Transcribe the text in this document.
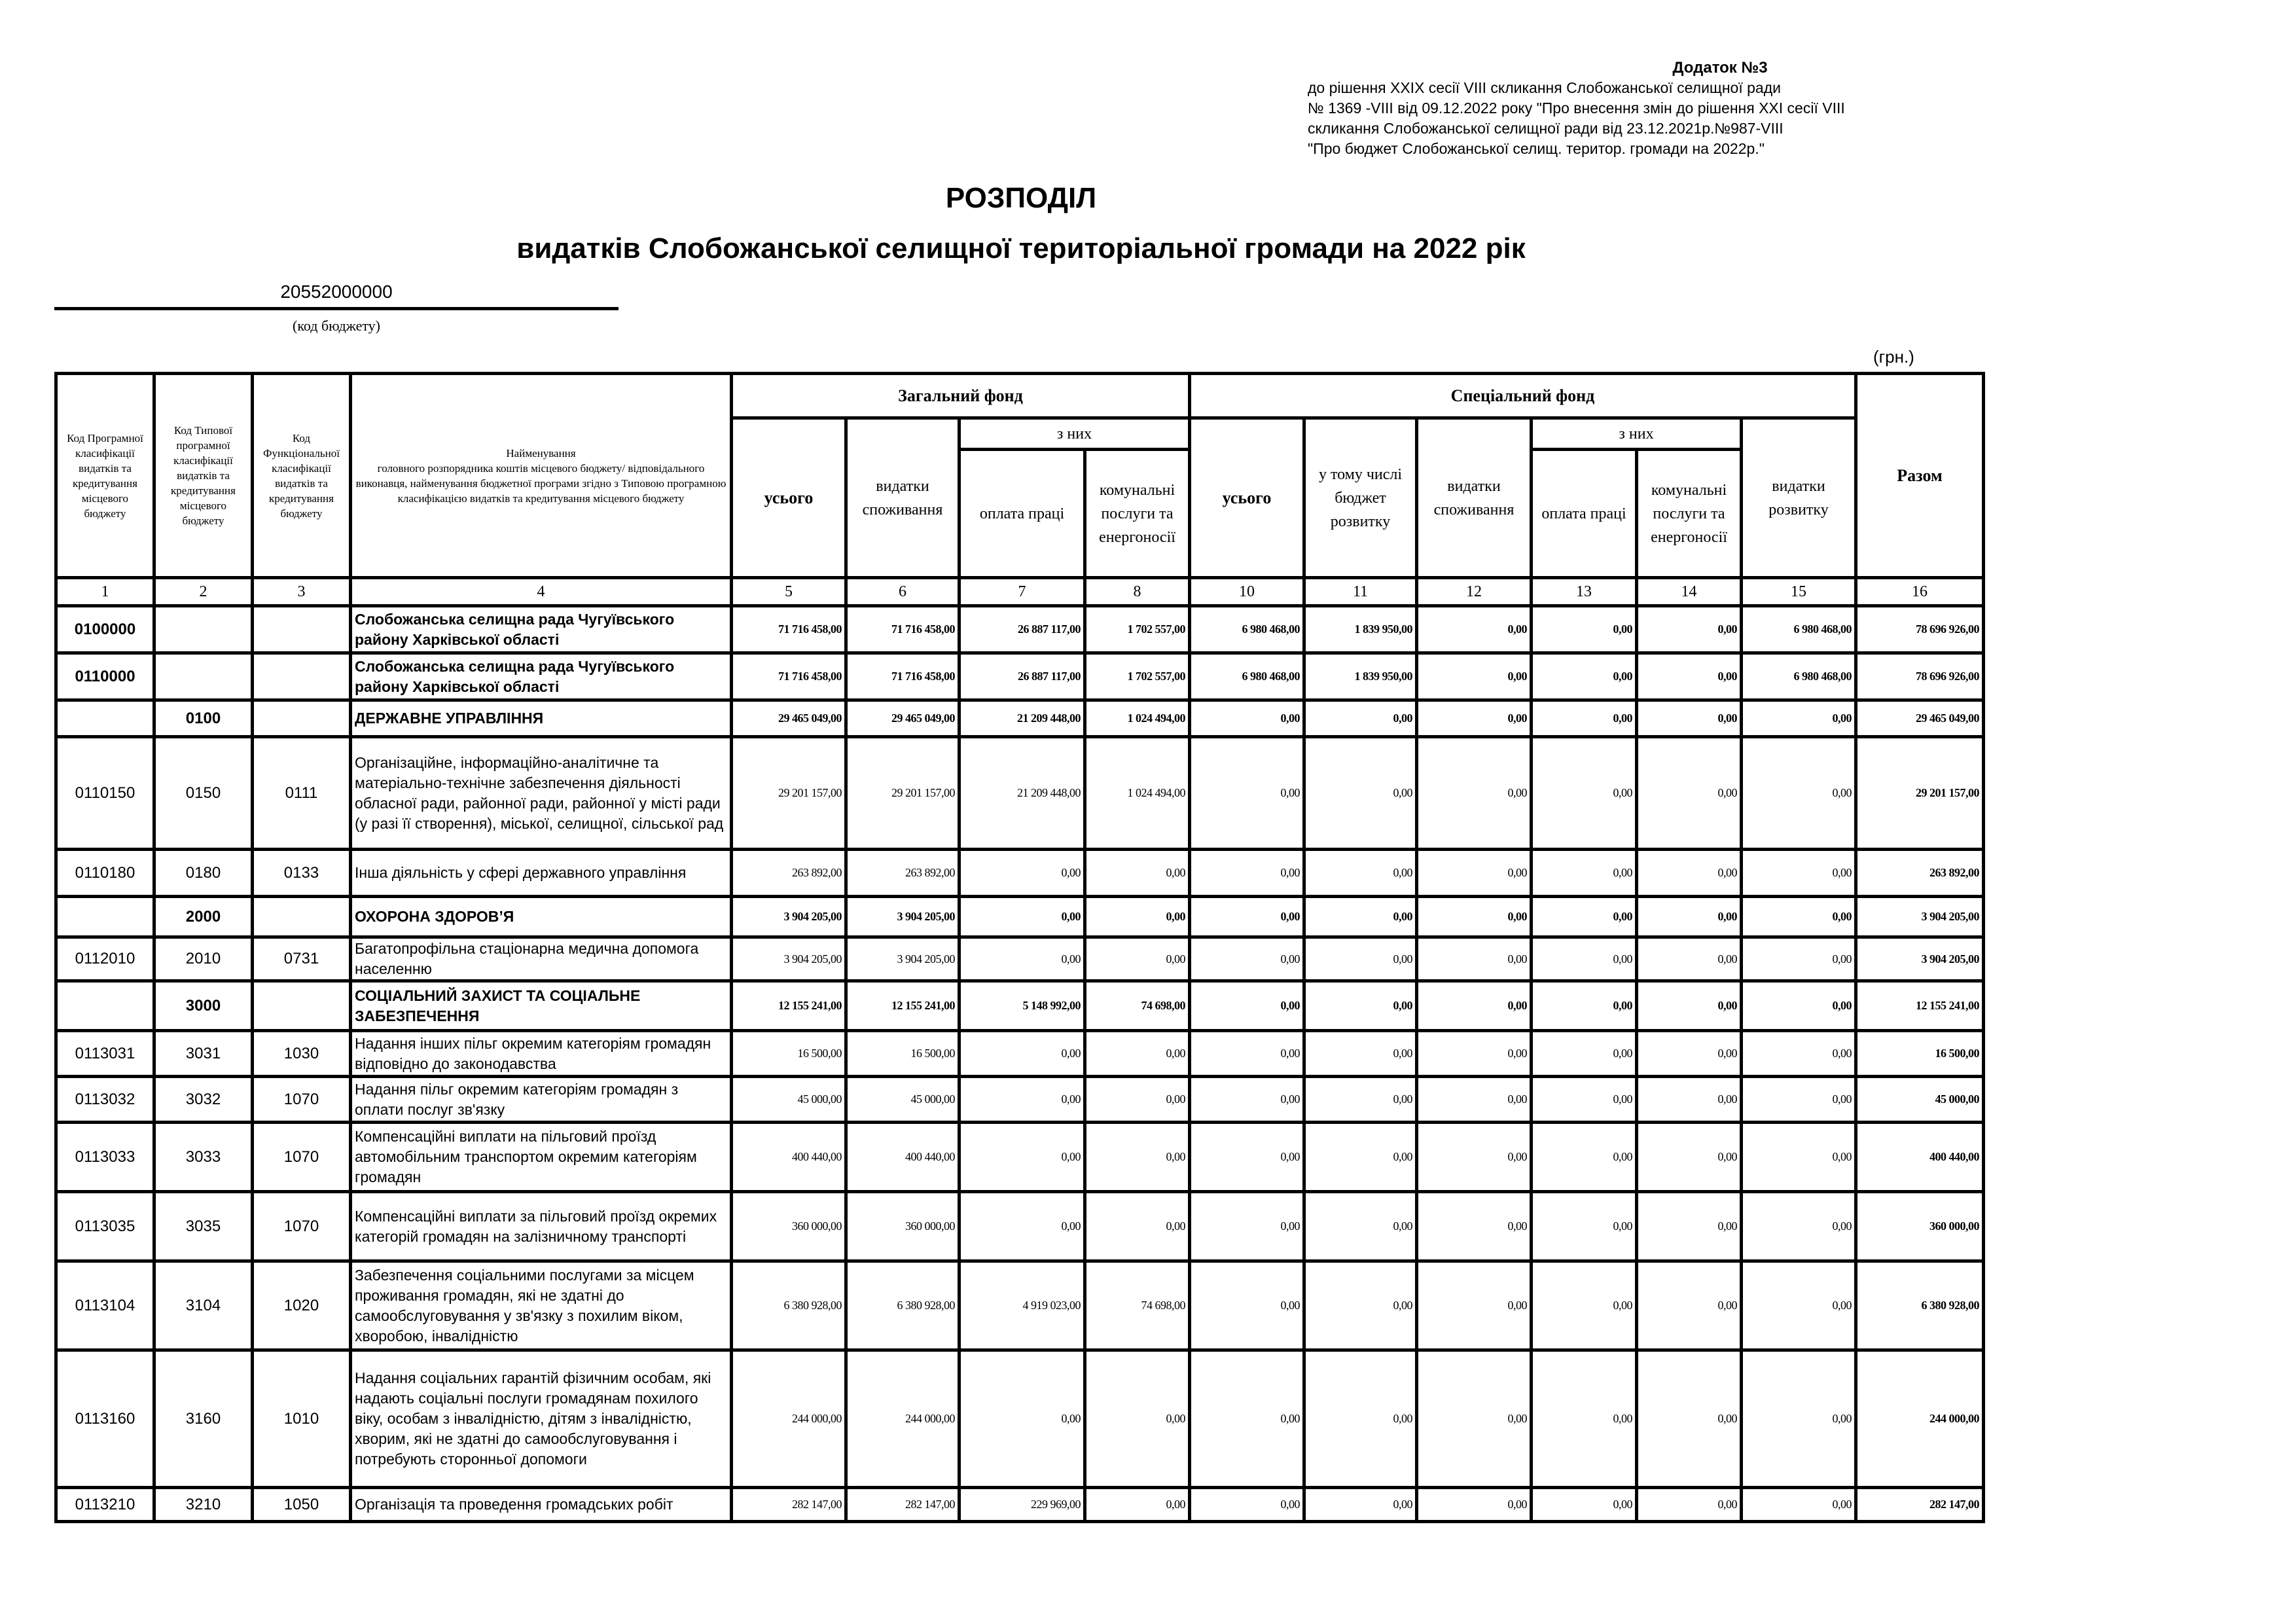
Додаток №3
до рішення XXIX сесії VIII скликання Слобожанської селищної ради
№ 1369 -VIII від 09.12.2022 року "Про внесення змін до рішення XXI сесії VIII
скликання Слобожанської селищної ради від 23.12.2021р.№987-VIII
"Про бюджет Слобожанської селищ. територ. громади на 2022р."
РОЗПОДІЛ
видатків Слобожанської селищної територіальної громади на 2022 рік
20552000000
(код бюджету)
(грн.)
Код Програмної класифікації видатків та кредитування місцевого бюджету	Код Типової програмної класифікації видатків та кредитування місцевого бюджету	Код Функціональної класифікації видатків та кредитування бюджету	Найменування
головного розпорядника коштів місцевого бюджету/ відповідального виконавця, найменування бюджетної програми згідно з Типовою програмною класифікацією видатків та кредитування місцевого бюджету	Загальний фонд				Спеціальний фонд						Разом
				усього	видатки споживання	з них		усього	у тому числі бюджет розвитку	видатки споживання	з них		видатки розвитку	
						оплата праці	комунальні послуги та енергоносії				оплата праці	комунальні послуги та енергоносії		
1	2	3	4	5	6	7	8	10	11	12	13	14	15	16
0100000			Слобожанська селищна рада Чугуївського району Харківської області	71 716 458,00	71 716 458,00	26 887 117,00	1 702 557,00	6 980 468,00	1 839 950,00	0,00	0,00	0,00	6 980 468,00	78 696 926,00
0110000			Слобожанська селищна рада Чугуївського району Харківської області	71 716 458,00	71 716 458,00	26 887 117,00	1 702 557,00	6 980 468,00	1 839 950,00	0,00	0,00	0,00	6 980 468,00	78 696 926,00
	0100		ДЕРЖАВНЕ УПРАВЛІННЯ	29 465 049,00	29 465 049,00	21 209 448,00	1 024 494,00	0,00	0,00	0,00	0,00	0,00	0,00	29 465 049,00
0110150	0150	0111	Організаційне, інформаційно-аналітичне та матеріально-технічне забезпечення діяльності обласної ради, районної ради, районної у місті ради (у разі її створення), міської, селищної, сільської рад	29 201 157,00	29 201 157,00	21 209 448,00	1 024 494,00	0,00	0,00	0,00	0,00	0,00	0,00	29 201 157,00
0110180	0180	0133	Інша діяльність у сфері державного управління	263 892,00	263 892,00	0,00	0,00	0,00	0,00	0,00	0,00	0,00	0,00	263 892,00
	2000		ОХОРОНА ЗДОРОВ’Я	3 904 205,00	3 904 205,00	0,00	0,00	0,00	0,00	0,00	0,00	0,00	0,00	3 904 205,00
0112010	2010	0731	Багатопрофільна стаціонарна медична допомога населенню	3 904 205,00	3 904 205,00	0,00	0,00	0,00	0,00	0,00	0,00	0,00	0,00	3 904 205,00
	3000		СОЦІАЛЬНИЙ ЗАХИСТ ТА СОЦІАЛЬНЕ ЗАБЕЗПЕЧЕННЯ	12 155 241,00	12 155 241,00	5 148 992,00	74 698,00	0,00	0,00	0,00	0,00	0,00	0,00	12 155 241,00
0113031	3031	1030	Надання інших пільг окремим категоріям громадян відповідно до законодавства	16 500,00	16 500,00	0,00	0,00	0,00	0,00	0,00	0,00	0,00	0,00	16 500,00
0113032	3032	1070	Надання пільг окремим категоріям громадян з оплати послуг зв'язку	45 000,00	45 000,00	0,00	0,00	0,00	0,00	0,00	0,00	0,00	0,00	45 000,00
0113033	3033	1070	Компенсаційні виплати на пільговий проїзд автомобільним транспортом окремим категоріям громадян	400 440,00	400 440,00	0,00	0,00	0,00	0,00	0,00	0,00	0,00	0,00	400 440,00
0113035	3035	1070	Компенсаційні виплати за пільговий проїзд окремих категорій громадян на залізничному транспорті	360 000,00	360 000,00	0,00	0,00	0,00	0,00	0,00	0,00	0,00	0,00	360 000,00
0113104	3104	1020	Забезпечення соціальними послугами за місцем проживання громадян, які не здатні до самообслуговування у зв'язку з похилим віком, хворобою, інвалідністю	6 380 928,00	6 380 928,00	4 919 023,00	74 698,00	0,00	0,00	0,00	0,00	0,00	0,00	6 380 928,00
0113160	3160	1010	Надання соціальних гарантій фізичним особам, які надають соціальні послуги громадянам похилого віку, особам з інвалідністю, дітям з інвалідністю, хворим, які не здатні до самообслуговування і потребують сторонньої допомоги	244 000,00	244 000,00	0,00	0,00	0,00	0,00	0,00	0,00	0,00	0,00	244 000,00
0113210	3210	1050	Організація та проведення громадських робіт	282 147,00	282 147,00	229 969,00	0,00	0,00	0,00	0,00	0,00	0,00	0,00	282 147,00
